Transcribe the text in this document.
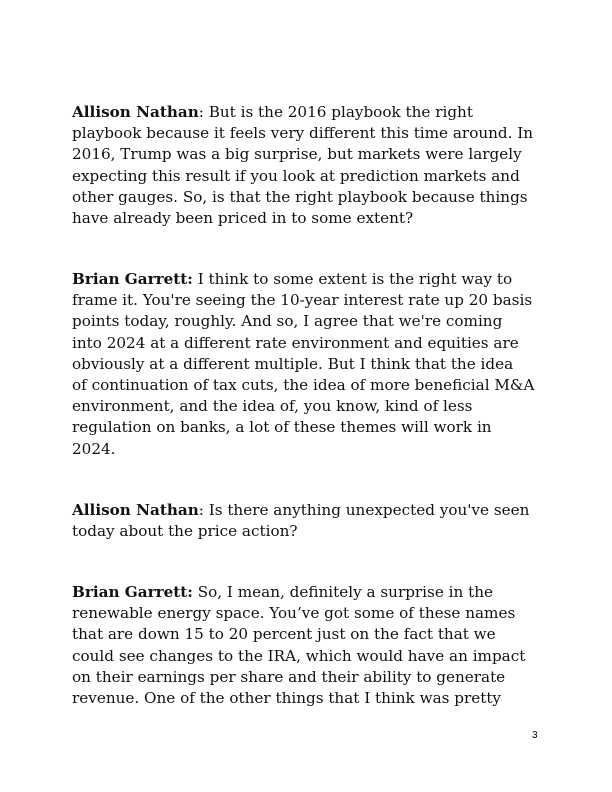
Allison Nathan: But is the 2016 playbook the right
playbook because it feels very different this time around. In
2016, Trump was a big surprise, but markets were largely
expecting this result if you look at prediction markets and
other gauges. So, is that the right playbook because things
have already been priced in to some extent?

Brian Garrett: I think to some extent is the right way to
frame it. You're seeing the 10-year interest rate up 20 basis
points today, roughly. And so, I agree that we're coming
into 2024 at a different rate environment and equities are
obviously at a different multiple. But I think that the idea
of continuation of tax cuts, the idea of more beneficial M&A
environment, and the idea of, you know, kind of less
regulation on banks, a lot of these themes will work in
2024.

Allison Nathan: Is there anything unexpected you've seen
today about the price action?

Brian Garrett: So, I mean, definitely a surprise in the
renewable energy space. You’ve got some of these names
that are down 15 to 20 percent just on the fact that we
could see changes to the IRA, which would have an impact
on their earnings per share and their ability to generate
revenue. One of the other things that I think was pretty

3
